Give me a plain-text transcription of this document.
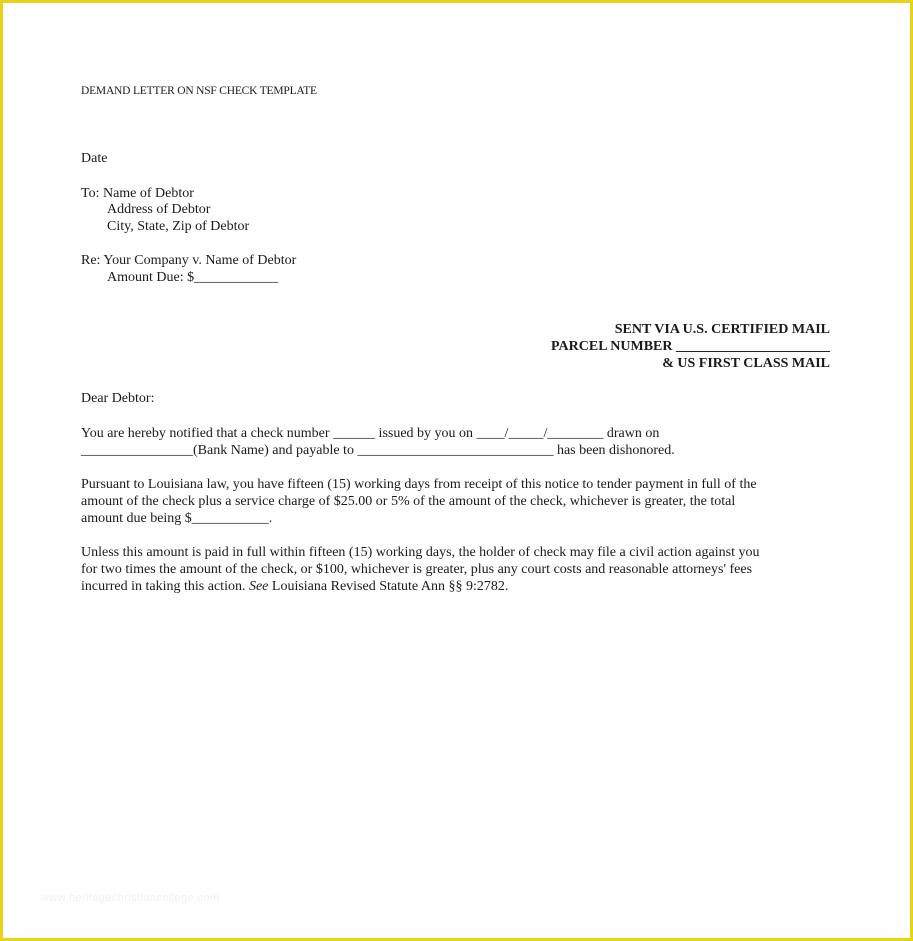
DEMAND LETTER ON NSF CHECK TEMPLATE
Date
To: Name of Debtor
Address of Debtor
City, State, Zip of Debtor
Re: Your Company v. Name of Debtor
Amount Due: $____________
SENT VIA U.S. CERTIFIED MAIL
PARCEL NUMBER ______________________
& US FIRST CLASS MAIL
Dear Debtor:

You are hereby notified that a check number ______ issued by you on ____/_____/________ drawn on
________________(Bank Name) and payable to ____________________________ has been dishonored.

Pursuant to Louisiana law, you have fifteen (15) working days from receipt of this notice to tender payment in full of the
amount of the check plus a service charge of $25.00 or 5% of the amount of the check, whichever is greater, the total
amount due being $___________.

Unless this amount is paid in full within fifteen (15) working days, the holder of check may file a civil action against you
for two times the amount of the check, or $100, whichever is greater, plus any court costs and reasonable attorneys' fees
incurred in taking this action. See Louisiana Revised Statute Ann §§ 9:2782.

www.heritagechristiancollege.com
